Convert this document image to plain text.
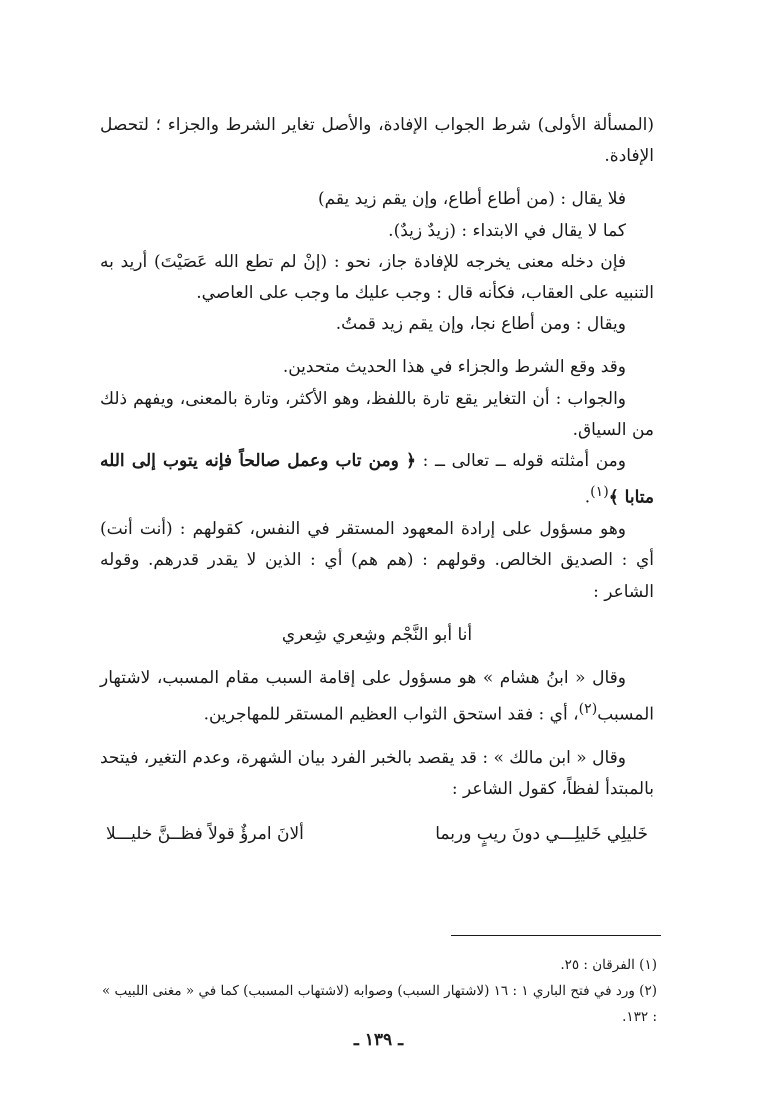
(المسألة الأولى) شرط الجواب الإفادة، والأصل تغاير الشرط والجزاء ؛ لتحصل الإفادة.

فلا يقال : (من أطاع أطاع، وإن يقم زيد يقم)

كما لا يقال في الابتداء : (زيدٌ زيدٌ).

فإن دخله معنى يخرجه للإفادة جاز، نحو : (إنْ لم تطع الله عَصَيْتَ) أريد به التنبيه على العقاب، فكأنه قال : وجب عليك ما وجب على العاصي.

ويقال : ومن أطاع نجا، وإن يقم زيد قمتُ.

وقد وقع الشرط والجزاء في هذا الحديث متحدين.

والجواب : أن التغاير يقع تارة باللفظ، وهو الأكثر، وتارة بالمعنى، ويفهم ذلك من السياق.

ومن أمثلته قوله ــ تعالى ــ : ﴿ ومن تاب وعمل صالحاً فإنه يتوب إلى الله متابا ﴾$^{(١)}$.

وهو مسؤول على إرادة المعهود المستقر في النفس، كقولهم : (أنت أنت) أي : الصديق الخالص. وقولهم : (هم هم) أي : الذين لا يقدر قدرهم. وقوله الشاعر :

أنا أبو النَّجْم وشِعري شِعري

وقال « ابنُ هشام » هو مسؤول على إقامة السبب مقام المسبب، لاشتهار المسبب$^{(٢)}$، أي : فقد استحق الثواب العظيم المستقر للمهاجرين.

وقال « ابن مالك » : قد يقصد بالخبر الفرد بيان الشهرة، وعدم التغير، فيتحد بالمبتدأ لفظاً، كقول الشاعر :

خَليلِي خَليلِـــي دونَ ريبٍ وربما
ألانَ امرؤٌ قولاً فظــنَّ خليـــلا

(١) الفرقان : ٢٥.

(٢) ورد في فتح الباري ١ : ١٦ (لاشتهار السبب) وصوابه (لاشتهاب المسبب) كما في « مغنى اللبيب » : ١٣٢.

ـ ١٣٩ ـ
